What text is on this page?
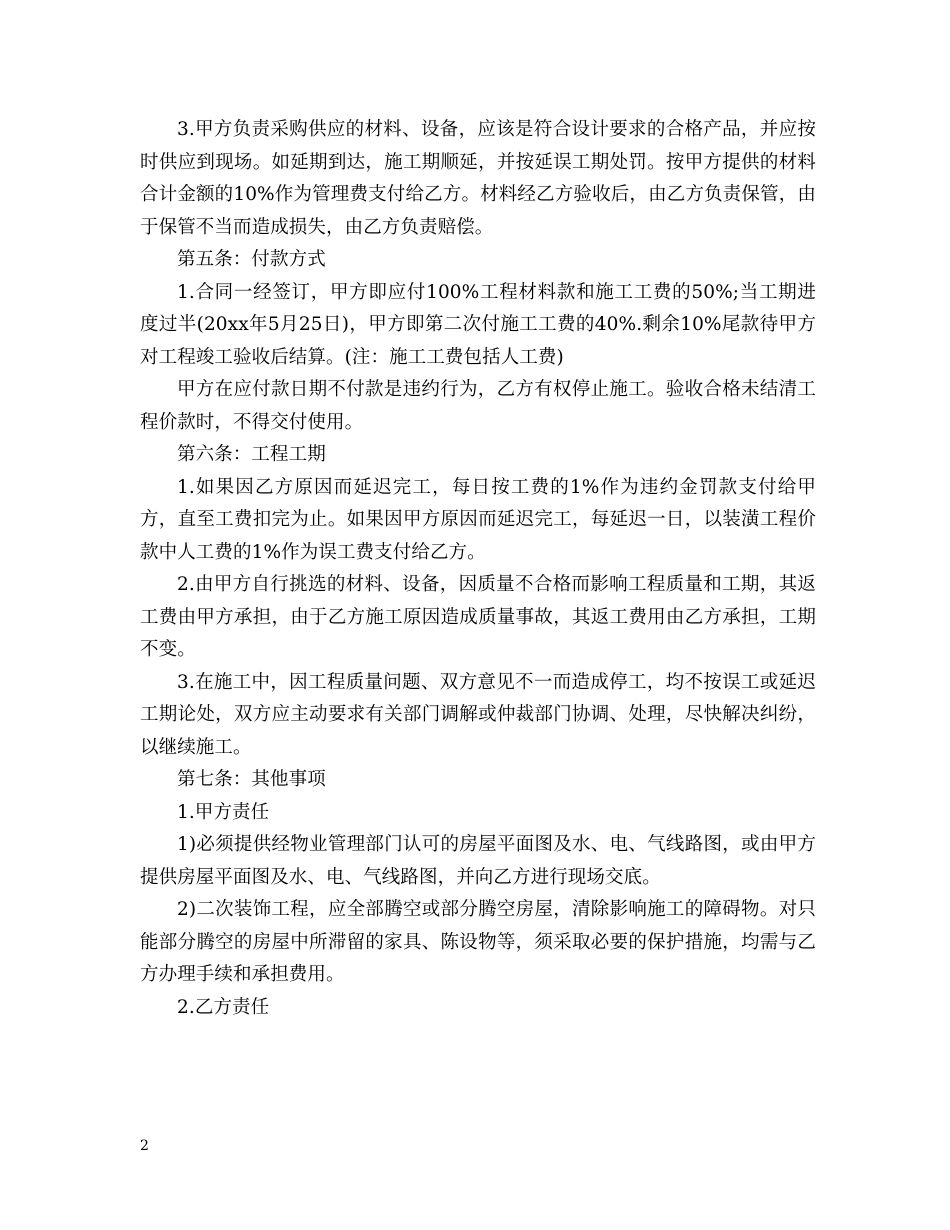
3.甲方负责采购供应的材料、设备，应该是符合设计要求的合格产品，并应按时供应到现场。如延期到达，施工期顺延，并按延误工期处罚。按甲方提供的材料合计金额的10%作为管理费支付给乙方。材料经乙方验收后，由乙方负责保管，由于保管不当而造成损失，由乙方负责赔偿。

第五条：付款方式

1.合同一经签订，甲方即应付100%工程材料款和施工工费的50%;当工期进度过半(20xx年5月25日)，甲方即第二次付施工工费的40%.剩余10%尾款待甲方对工程竣工验收后结算。(注：施工工费包括人工费)

甲方在应付款日期不付款是违约行为，乙方有权停止施工。验收合格未结清工程价款时，不得交付使用。

第六条：工程工期

1.如果因乙方原因而延迟完工，每日按工费的1%作为违约金罚款支付给甲方，直至工费扣完为止。如果因甲方原因而延迟完工，每延迟一日，以装潢工程价款中人工费的1%作为误工费支付给乙方。

2.由甲方自行挑选的材料、设备，因质量不合格而影响工程质量和工期，其返工费由甲方承担，由于乙方施工原因造成质量事故，其返工费用由乙方承担，工期不变。

3.在施工中，因工程质量问题、双方意见不一而造成停工，均不按误工或延迟工期论处，双方应主动要求有关部门调解或仲裁部门协调、处理，尽快解决纠纷，以继续施工。

第七条：其他事项

1.甲方责任

1)必须提供经物业管理部门认可的房屋平面图及水、电、气线路图，或由甲方提供房屋平面图及水、电、气线路图，并向乙方进行现场交底。

2)二次装饰工程，应全部腾空或部分腾空房屋，清除影响施工的障碍物。对只能部分腾空的房屋中所滞留的家具、陈设物等，须采取必要的保护措施，均需与乙方办理手续和承担费用。

2.乙方责任

2
